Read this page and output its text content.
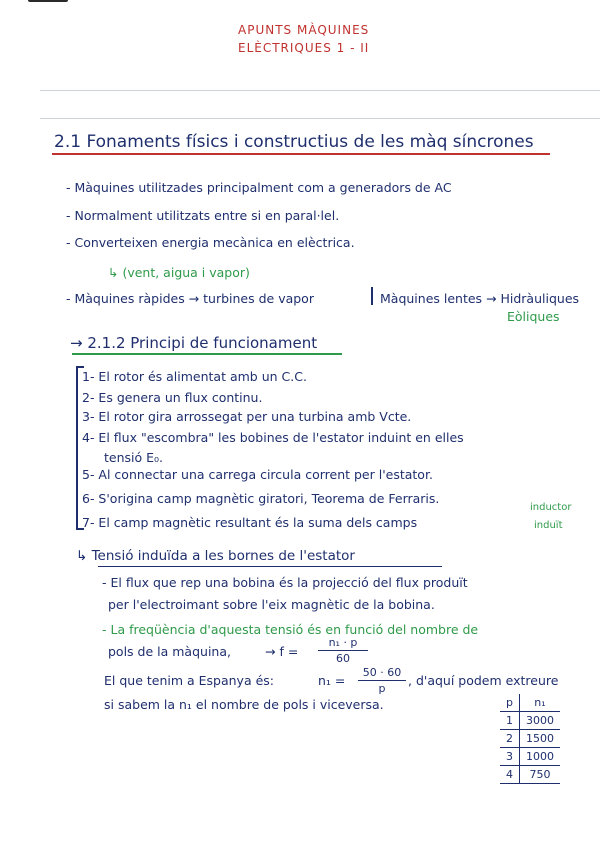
APUNTS MÀQUINES
ELÈCTRIQUES 1 - II
2.1 Fonaments físics i constructius de les màq síncrones
- Màquines utilitzades principalment com a generadors de AC
- Normalment utilitzats entre si en paral·lel.
- Converteixen energia mecànica en elèctrica.
↳ (vent, aigua i vapor)
- Màquines ràpides → turbines de vapor	Màquines lentes → Hidràuliques
Eòliques
→ 2.1.2 Principi de funcionament
1- El rotor és alimentat amb un C.C.
2- Es genera un flux continu.
3- El rotor gira arrossegat per una turbina amb Vcte.
4- El flux "escombra" les bobines de l'estator induint en elles
tensió E₀.
5- Al connectar una carrega circula corrent per l'estator.
6- S'origina camp magnètic giratori, Teorema de Ferraris.
7- El camp magnètic resultant és la suma dels camps
inductor
induït
↳ Tensió induïda a les bornes de l'estator
- El flux que rep una bobina és la projecció del flux produït
per l'electroimant sobre l'eix magnètic de la bobina.
- La freqüència d'aquesta tensió és en funció del nombre de
pols de la màquina,	→ f =
n₁ · p
60
El que tenim a Espanya és:	n₁ =
50 · 60
p
, d'aquí podem extreure
si sabem la n₁ el nombre de pols i viceversa.	p	n₁
1	3000
2	1500
3	1000
4	750
